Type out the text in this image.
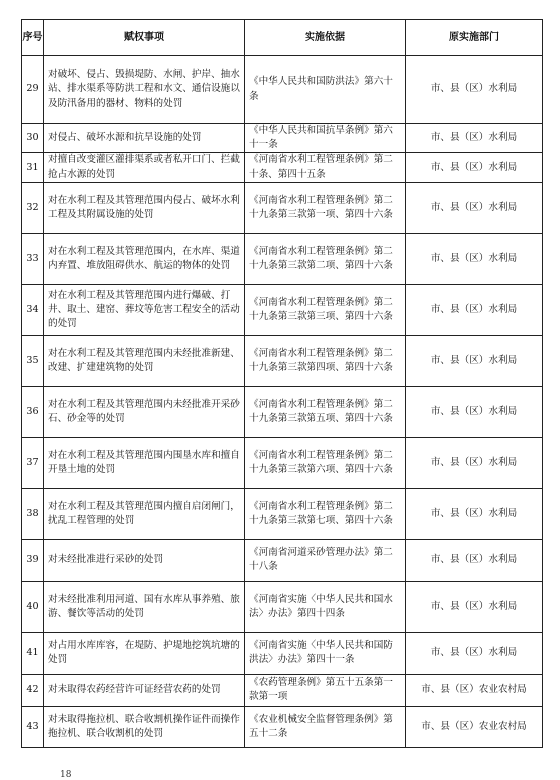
序号	赋权事项	实施依据	原实施部门
29	对破坏、侵占、毁损堤防、水闸、护岸、抽水站、排水渠系等防洪工程和水文、通信设施以及防汛备用的器材、物料的处罚	《中华人民共和国防洪法》第六十条	市、县（区）水利局
30	对侵占、破坏水源和抗旱设施的处罚	《中华人民共和国抗旱条例》第六十一条	市、县（区）水利局
31	对擅自改变灌区灌排渠系或者私开口门、拦截抢占水源的处罚	《河南省水利工程管理条例》第二十条、第四十五条	市、县（区）水利局
32	对在水利工程及其管理范围内侵占、破坏水利工程及其附属设施的处罚	《河南省水利工程管理条例》第二十九条第三款第一项、第四十六条	市、县（区）水利局
33	对在水利工程及其管理范围内，在水库、渠道内弃置、堆放阻碍供水、航运的物体的处罚	《河南省水利工程管理条例》第二十九条第三款第二项、第四十六条	市、县（区）水利局
34	对在水利工程及其管理范围内进行爆破、打井、取土、建窑、葬坟等危害工程安全的活动的处罚	《河南省水利工程管理条例》第二十九条第三款第三项、第四十六条	市、县（区）水利局
35	对在水利工程及其管理范围内未经批准新建、改建、扩建建筑物的处罚	《河南省水利工程管理条例》第二十九条第三款第四项、第四十六条	市、县（区）水利局
36	对在水利工程及其管理范围内未经批准开采砂石、砂金等的处罚	《河南省水利工程管理条例》第二十九条第三款第五项、第四十六条	市、县（区）水利局
37	对在水利工程及其管理范围内围垦水库和擅自开垦土地的处罚	《河南省水利工程管理条例》第二十九条第三款第六项、第四十六条	市、县（区）水利局
38	对在水利工程及其管理范围内擅自启闭闸门，扰乱工程管理的处罚	《河南省水利工程管理条例》第二十九条第三款第七项、第四十六条	市、县（区）水利局
39	对未经批准进行采砂的处罚	《河南省河道采砂管理办法》第二十八条	市、县（区）水利局
40	对未经批准利用河道、国有水库从事养殖、旅游、餐饮等活动的处罚	《河南省实施〈中华人民共和国水法〉办法》第四十四条	市、县（区）水利局
41	对占用水库库容，在堤防、护堤地挖筑坑塘的处罚	《河南省实施〈中华人民共和国防洪法〉办法》第四十一条	市、县（区）水利局
42	对未取得农药经营许可证经营农药的处罚	《农药管理条例》第五十五条第一款第一项	市、县（区）农业农村局
43	对未取得拖拉机、联合收割机操作证件而操作拖拉机、联合收割机的处罚	《农业机械安全监督管理条例》第五十二条	市、县（区）农业农村局
18
